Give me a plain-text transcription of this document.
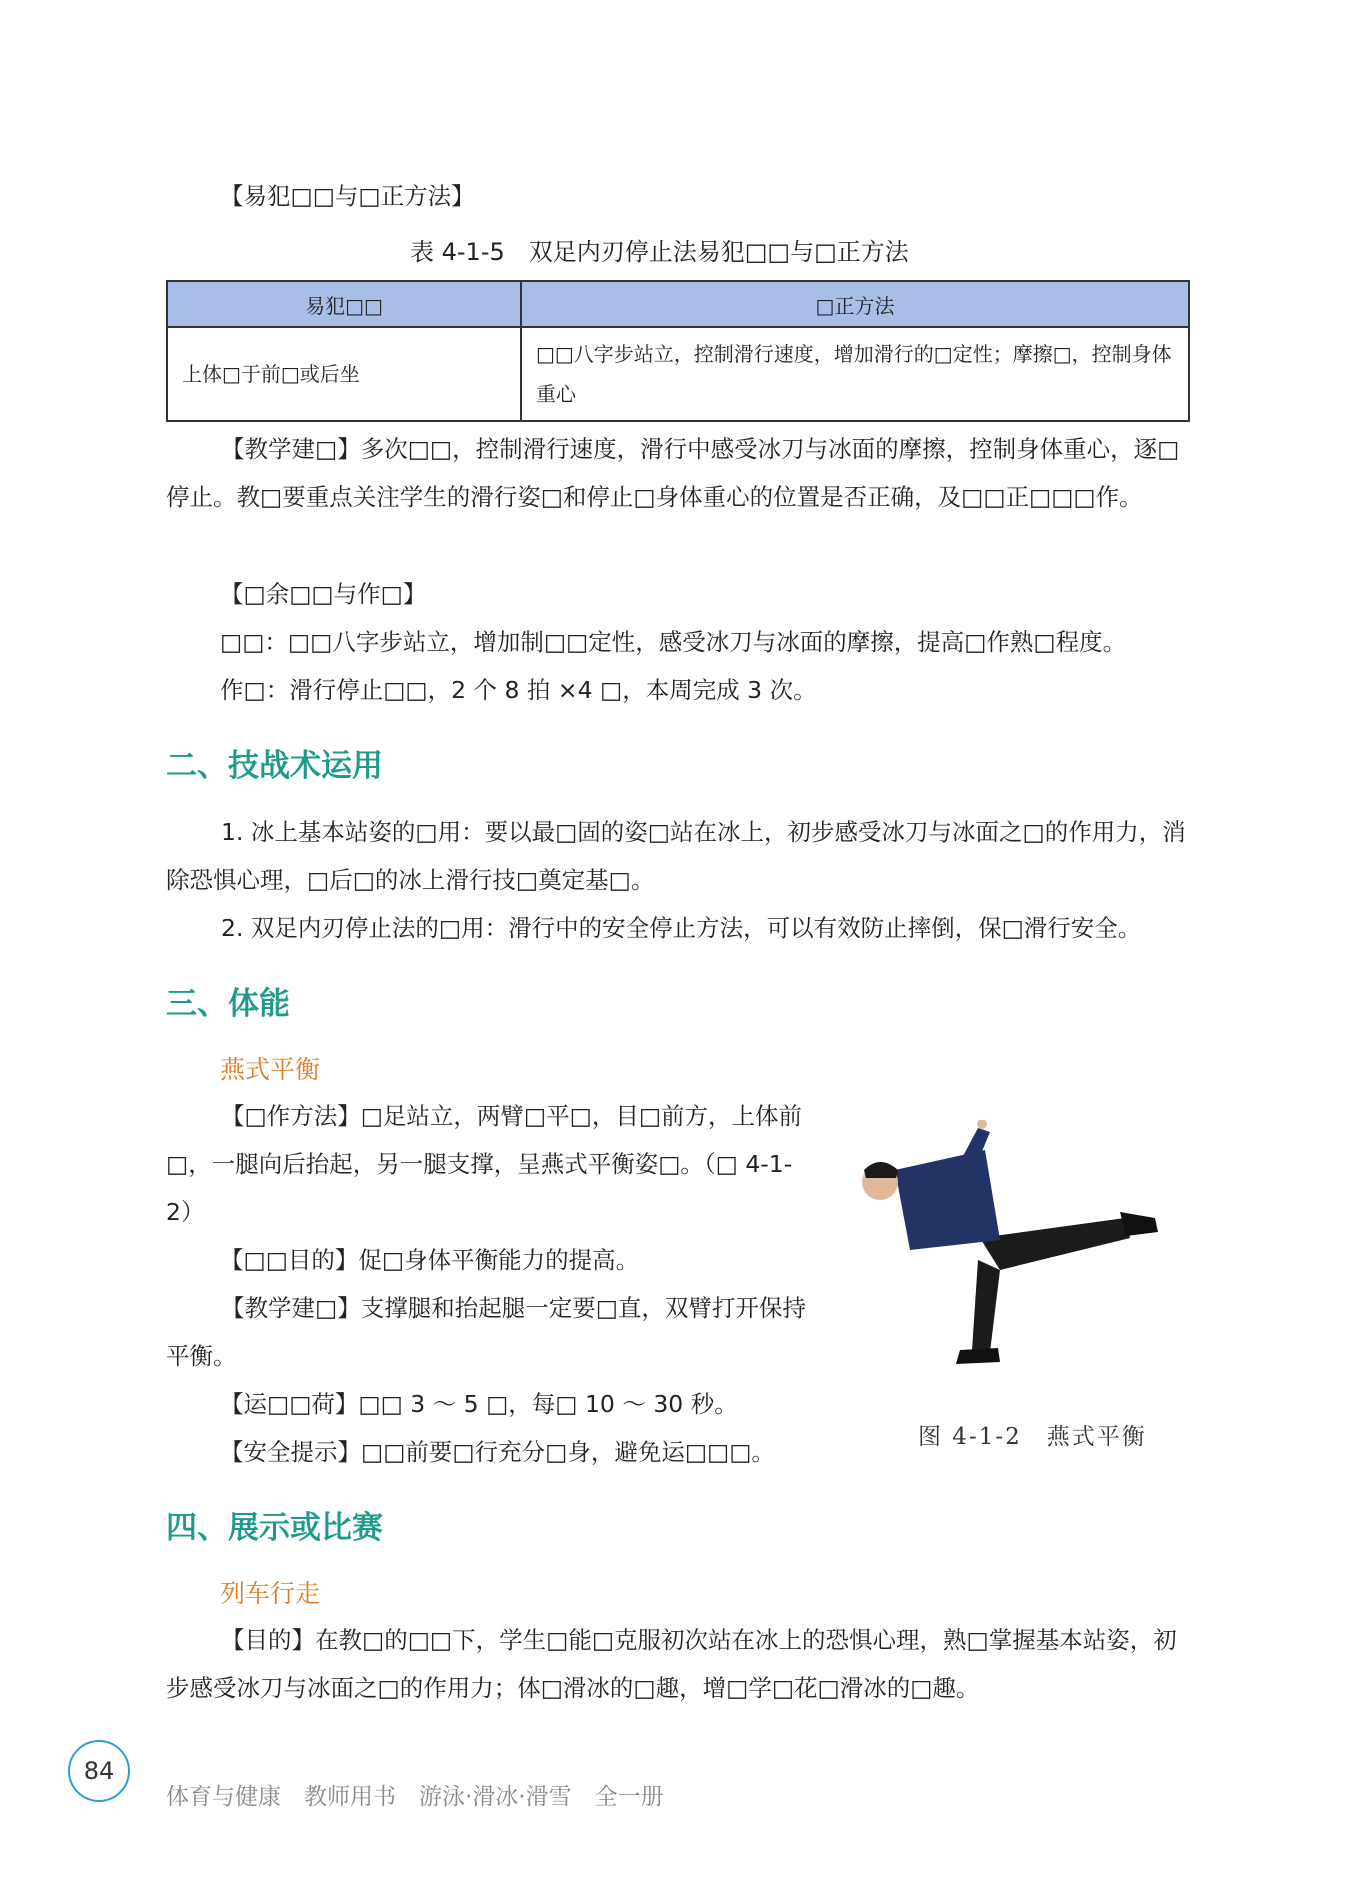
【易犯□□与□正方法】

表 4-1-5　双足内刃停止法易犯□□与□正方法

易犯□□	□正方法
上体□于前□或后坐	□□八字步站立，控制滑行速度，增加滑行的□定性；摩擦□，控制身体重心

【教学建□】多次□□，控制滑行速度，滑行中感受冰刀与冰面的摩擦，控制身体重心，逐□停止。教□要重点关注学生的滑行姿□和停止□身体重心的位置是否正确，及□□正□□□作。

【□余□□与作□】

□□：□□八字步站立，增加制□□定性，感受冰刀与冰面的摩擦，提高□作熟□程度。

作□：滑行停止□□，2 个 8 拍 ×4 □，本周完成 3 次。

二、技战术运用

1. 冰上基本站姿的□用：要以最□固的姿□站在冰上，初步感受冰刀与冰面之□的作用力，消除恐惧心理，□后□的冰上滑行技□奠定基□。

2. 双足内刃停止法的□用：滑行中的安全停止方法，可以有效防止摔倒，保□滑行安全。

三、体能

燕式平衡

【□作方法】□足站立，两臂□平□，目□前方，上体前□，一腿向后抬起，另一腿支撑，呈燕式平衡姿□。（□ 4-1-2）

【□□目的】促□身体平衡能力的提高。

【教学建□】支撑腿和抬起腿一定要□直，双臂打开保持平衡。

【运□□荷】□□ 3 ～ 5 □，每□ 10 ～ 30 秒。

【安全提示】□□前要□行充分□身，避免运□□□。

图 4-1-2　燕式平衡

四、展示或比赛

列车行走

【目的】在教□的□□下，学生□能□克服初次站在冰上的恐惧心理，熟□掌握基本站姿，初步感受冰刀与冰面之□的作用力；体□滑冰的□趣，增□学□花□滑冰的□趣。

84

体育与健康　教师用书　游泳·滑冰·滑雪　全一册
